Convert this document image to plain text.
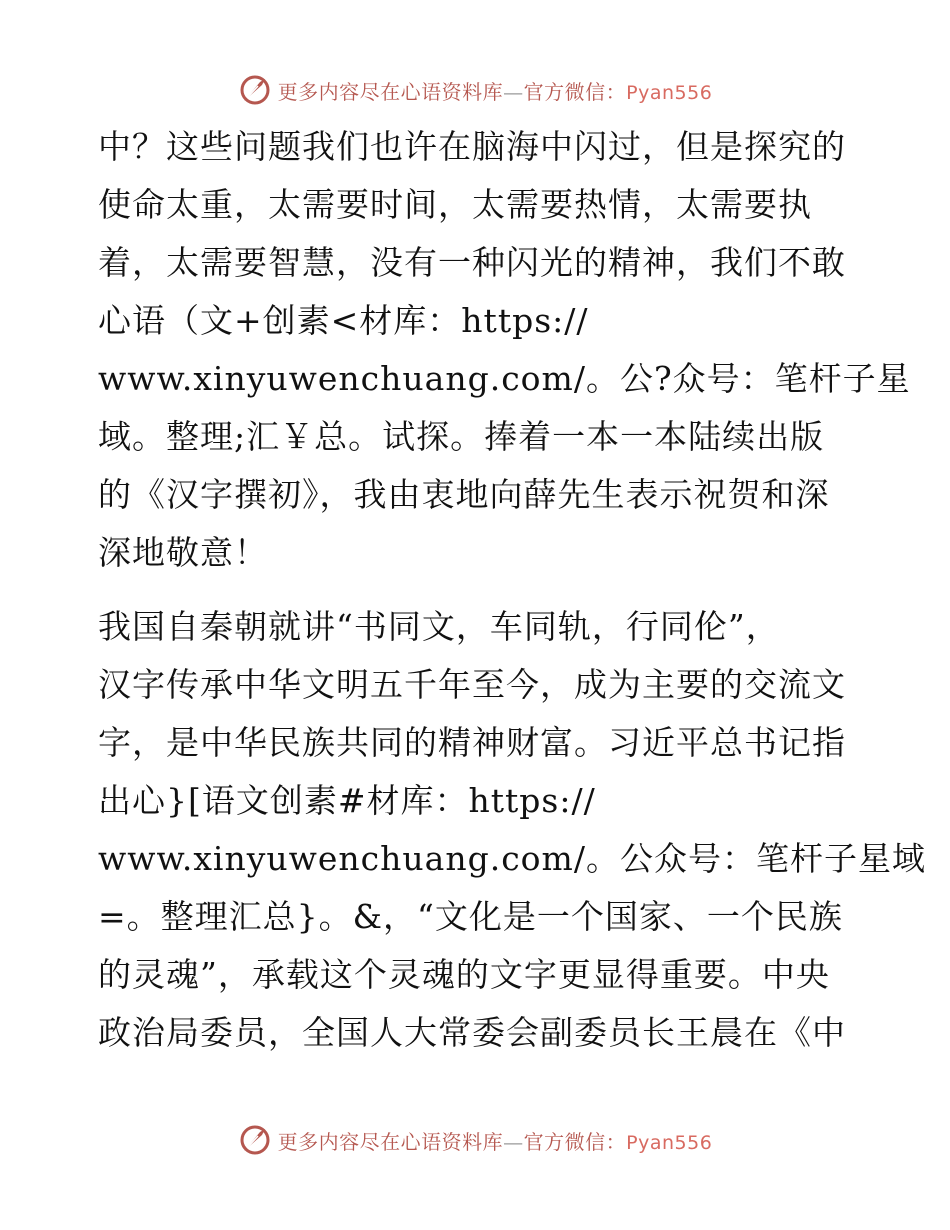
更多内容尽在心语资料库—官方微信：Pyan556
中？这些问题我们也许在脑海中闪过，但是探究的
使命太重，太需要时间，太需要热情，太需要执
着，太需要智慧，没有一种闪光的精神，我们不敢
心语（文+创素<材库：https://
www.xinyuwenchuang.com/。公?众号：笔杆子星
域。整理;汇￥总。试探。捧着一本一本陆续出版
的《汉字撰初》，我由衷地向薛先生表示祝贺和深
深地敬意！
我国自秦朝就讲“书同文，车同轨，行同伦”，
汉字传承中华文明五千年至今，成为主要的交流文
字，是中华民族共同的精神财富。习近平总书记指
出心}[语文创素#材库：https://
www.xinyuwenchuang.com/。公众号：笔杆子星域
=。整理汇总}。&，“文化是一个国家、一个民族
的灵魂”，承载这个灵魂的文字更显得重要。中央
政治局委员，全国人大常委会副委员长王晨在《中
更多内容尽在心语资料库—官方微信：Pyan556
